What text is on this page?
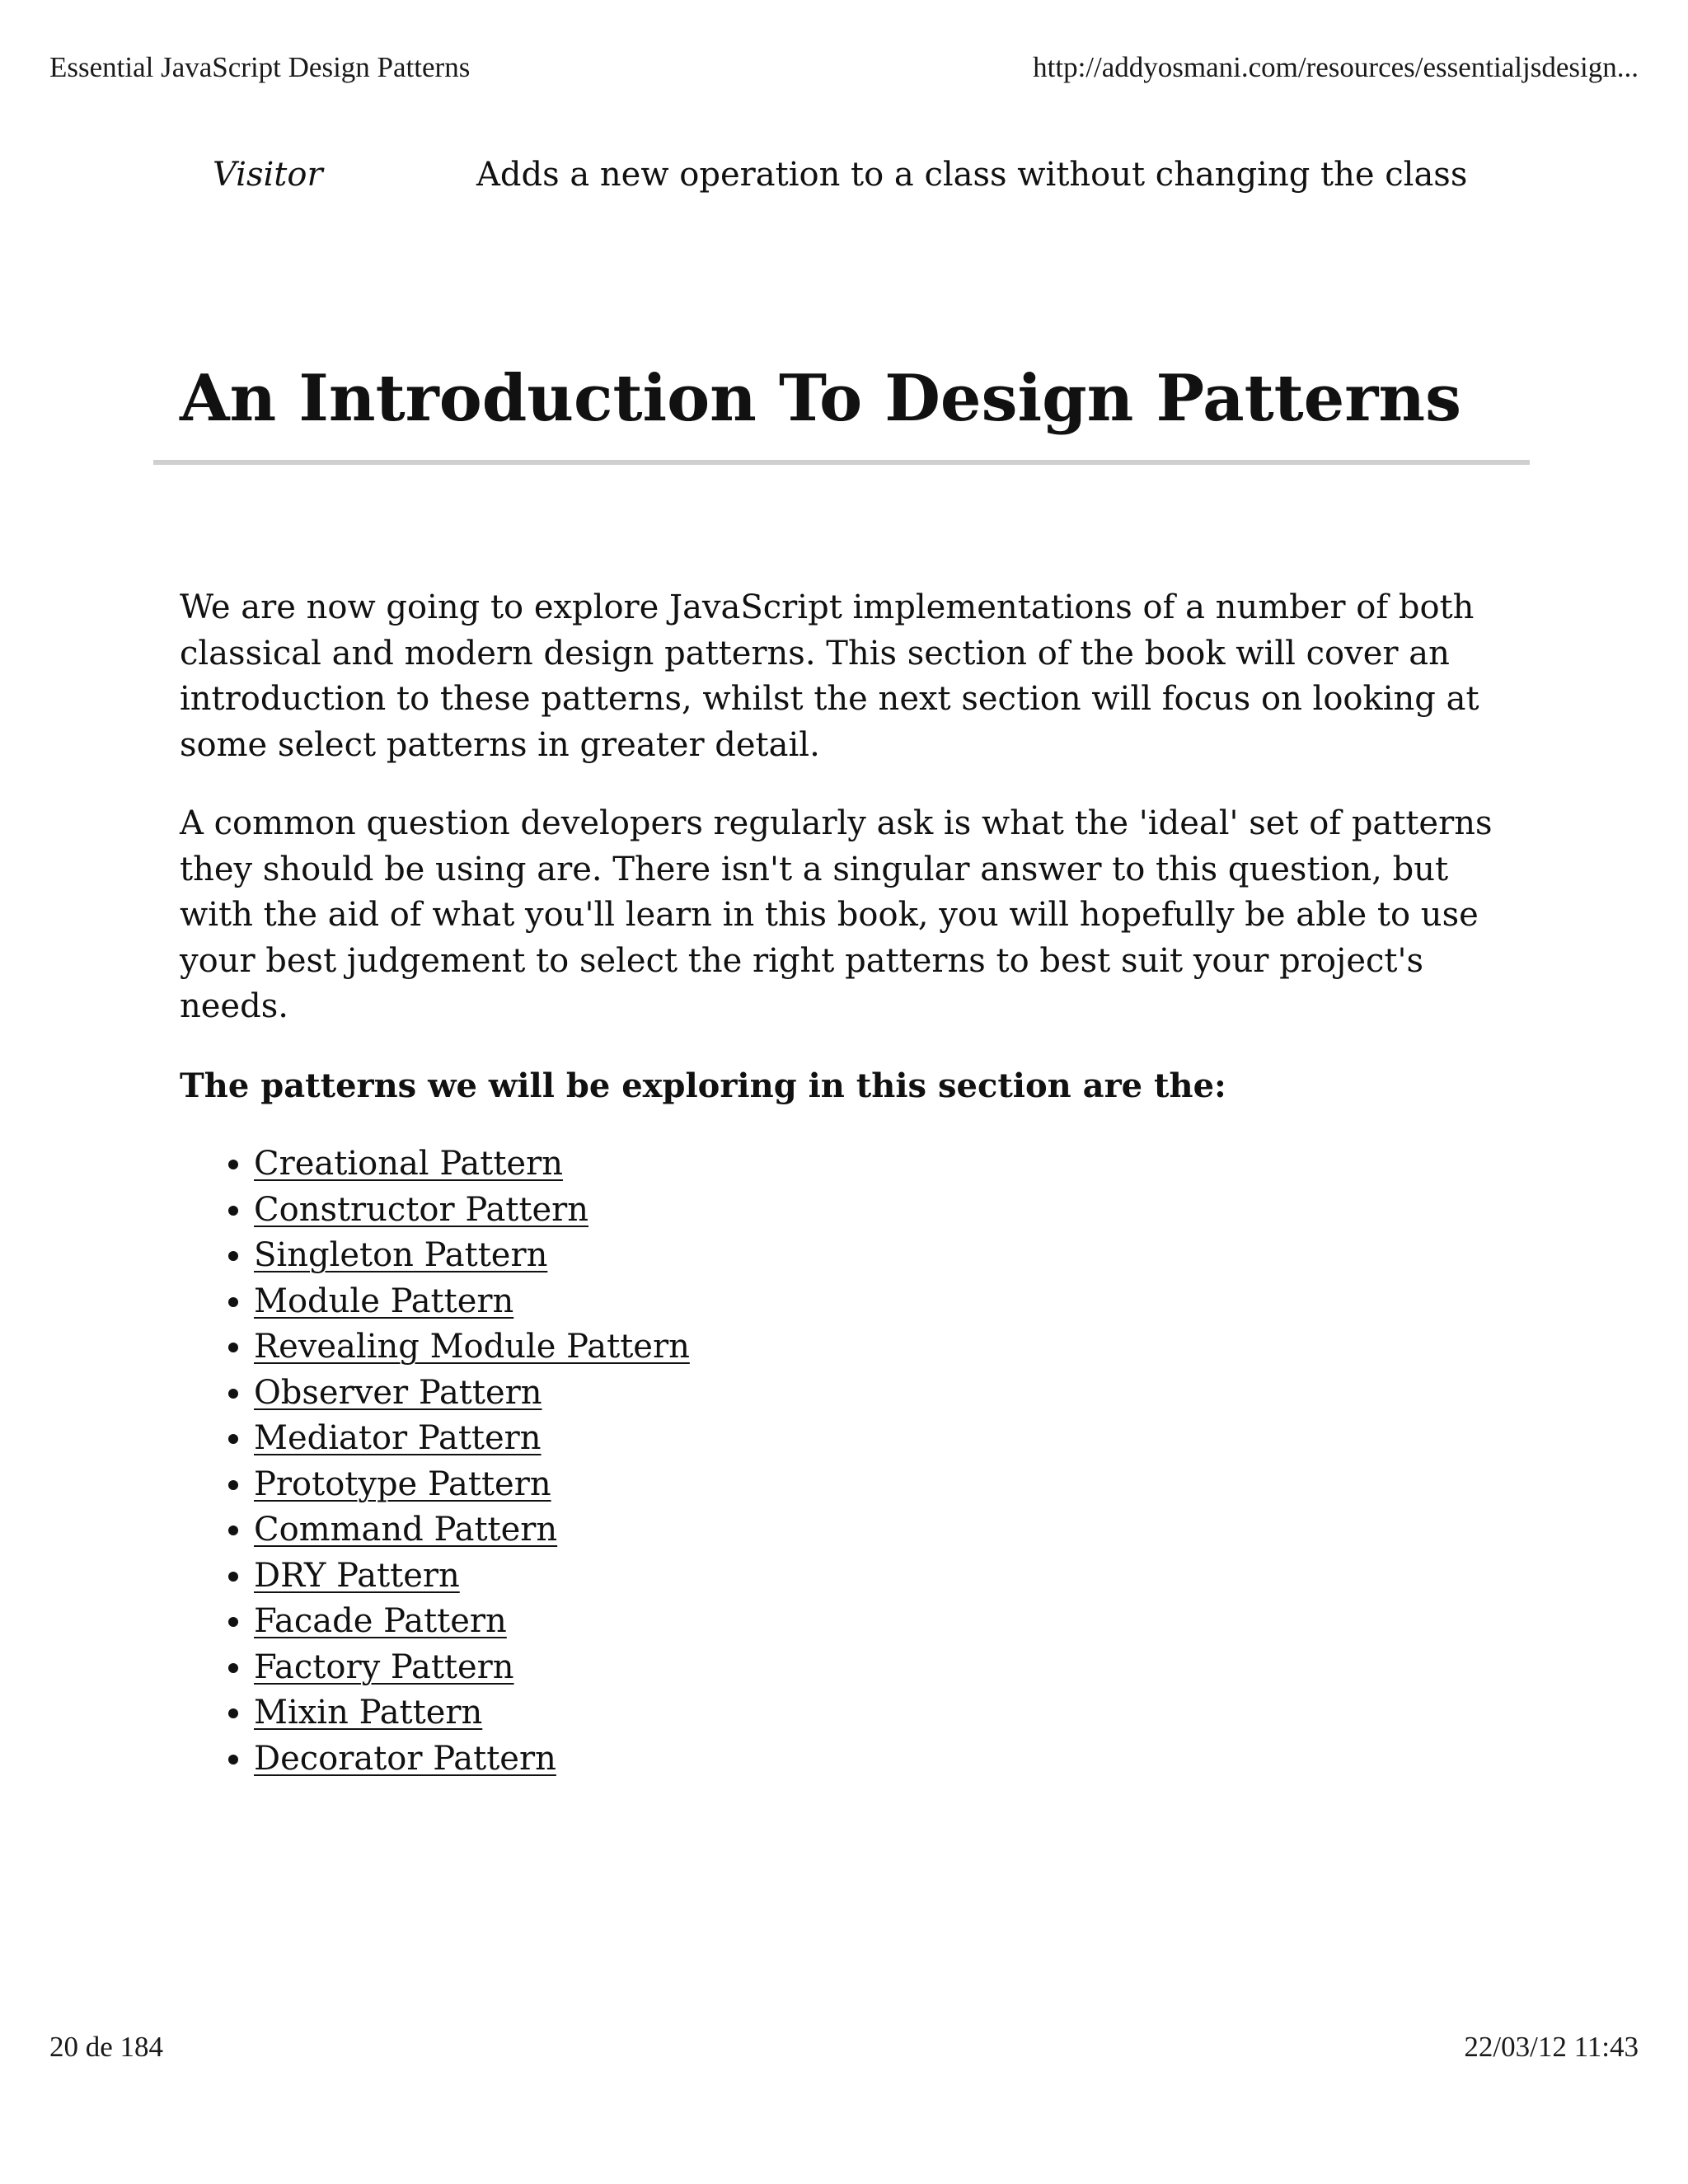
Essential JavaScript Design Patterns	http://addyosmani.com/resources/essentialjsdesign...
Visitor	Adds a new operation to a class without changing the class
An Introduction To Design Patterns

We are now going to explore JavaScript implementations of a number of both classical and modern design patterns. This section of the book will cover an introduction to these patterns, whilst the next section will focus on looking at some select patterns in greater detail.

A common question developers regularly ask is what the 'ideal' set of patterns they should be using are. There isn't a singular answer to this question, but with the aid of what you'll learn in this book, you will hopefully be able to use your best judgement to select the right patterns to best suit your project's needs.

The patterns we will be exploring in this section are the:

• Creational Pattern
• Constructor Pattern
• Singleton Pattern
• Module Pattern
• Revealing Module Pattern
• Observer Pattern
• Mediator Pattern
• Prototype Pattern
• Command Pattern
• DRY Pattern
• Facade Pattern
• Factory Pattern
• Mixin Pattern
• Decorator Pattern
20 de 184	22/03/12 11:43
